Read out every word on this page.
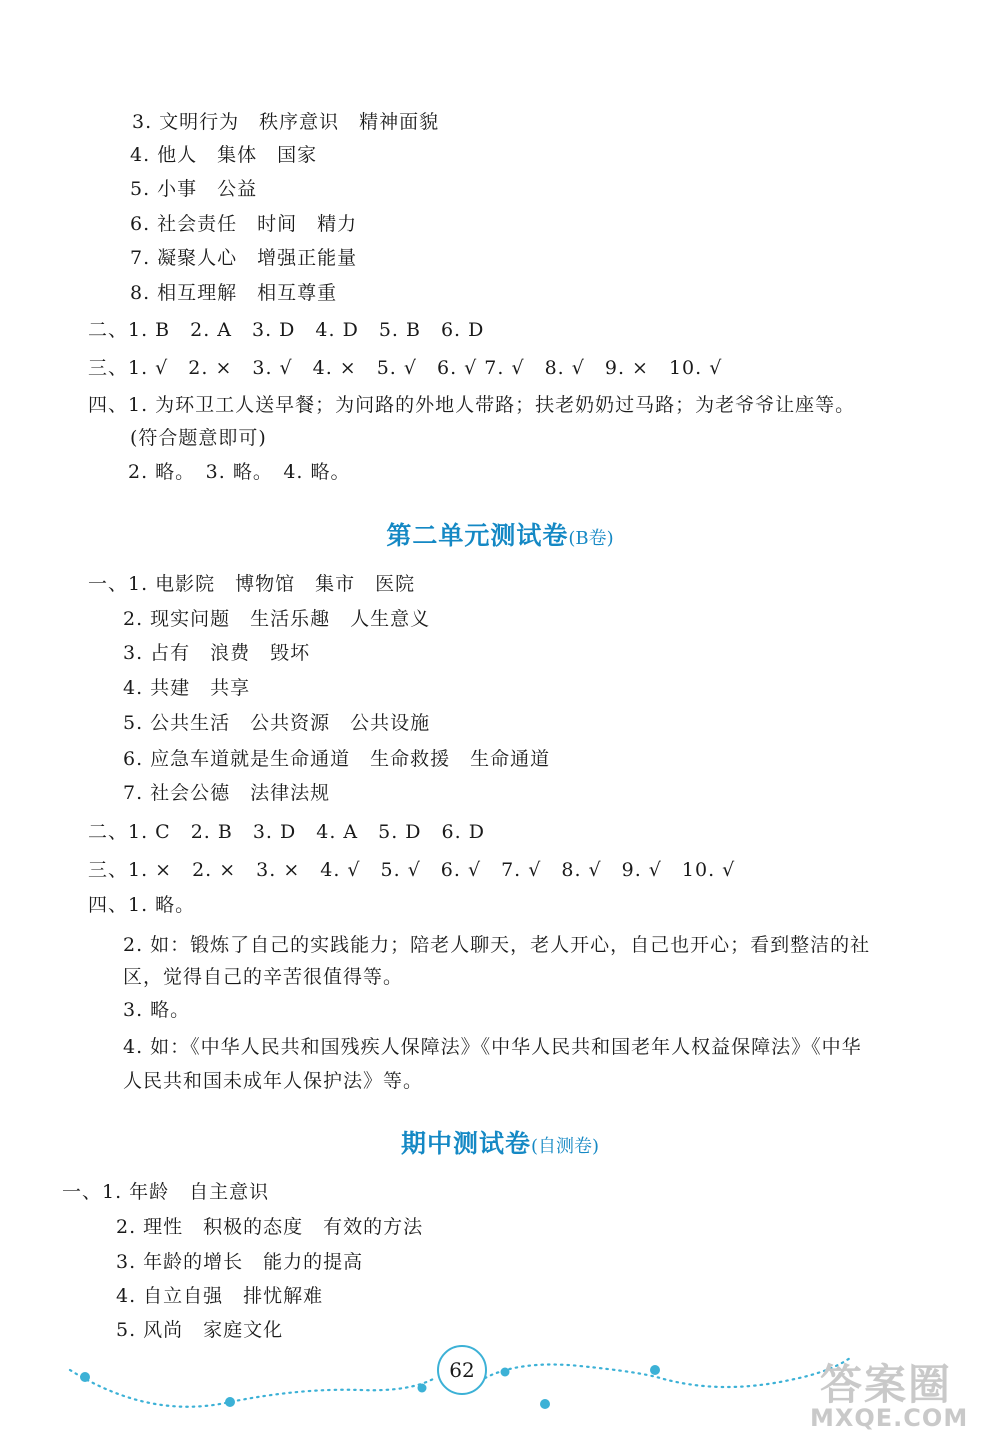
3. 文明行为　秩序意识　精神面貌
4. 他人　集体　国家
5. 小事　公益
6. 社会责任　时间　精力
7. 凝聚人心　增强正能量
8. 相互理解　相互尊重
二、1. B　2. A　3. D　4. D　5. B　6. D
三、1. √　2. ×　3. √　4. ×　5. √　6. √ 7. √　8. √　9. ×　10. √
四、1. 为环卫工人送早餐；为问路的外地人带路；扶老奶奶过马路；为老爷爷让座等。
(符合题意即可)
2. 略。　3. 略。　4. 略。
第二单元测试卷(B卷)
一、1. 电影院　博物馆　集市　医院
2. 现实问题　生活乐趣　人生意义
3. 占有　浪费　毁坏
4. 共建　共享
5. 公共生活　公共资源　公共设施
6. 应急车道就是生命通道　生命救援　生命通道
7. 社会公德　法律法规
二、1. C　2. B　3. D　4. A　5. D　6. D
三、1. ×　2. ×　3. ×　4. √　5. √　6. √　7. √　8. √　9. √　10. √
四、1. 略。
2. 如：锻炼了自己的实践能力；陪老人聊天，老人开心，自己也开心；看到整洁的社
区，觉得自己的辛苦很值得等。
3. 略。
4. 如：《中华人民共和国残疾人保障法》《中华人民共和国老年人权益保障法》《中华
人民共和国未成年人保护法》等。
期中测试卷(自测卷)
一、1. 年龄　自主意识
2. 理性　积极的态度　有效的方法
3. 年龄的增长　能力的提高
4. 自立自强　排忧解难
5. 风尚　家庭文化
62	答案圈
MXQE.COM
